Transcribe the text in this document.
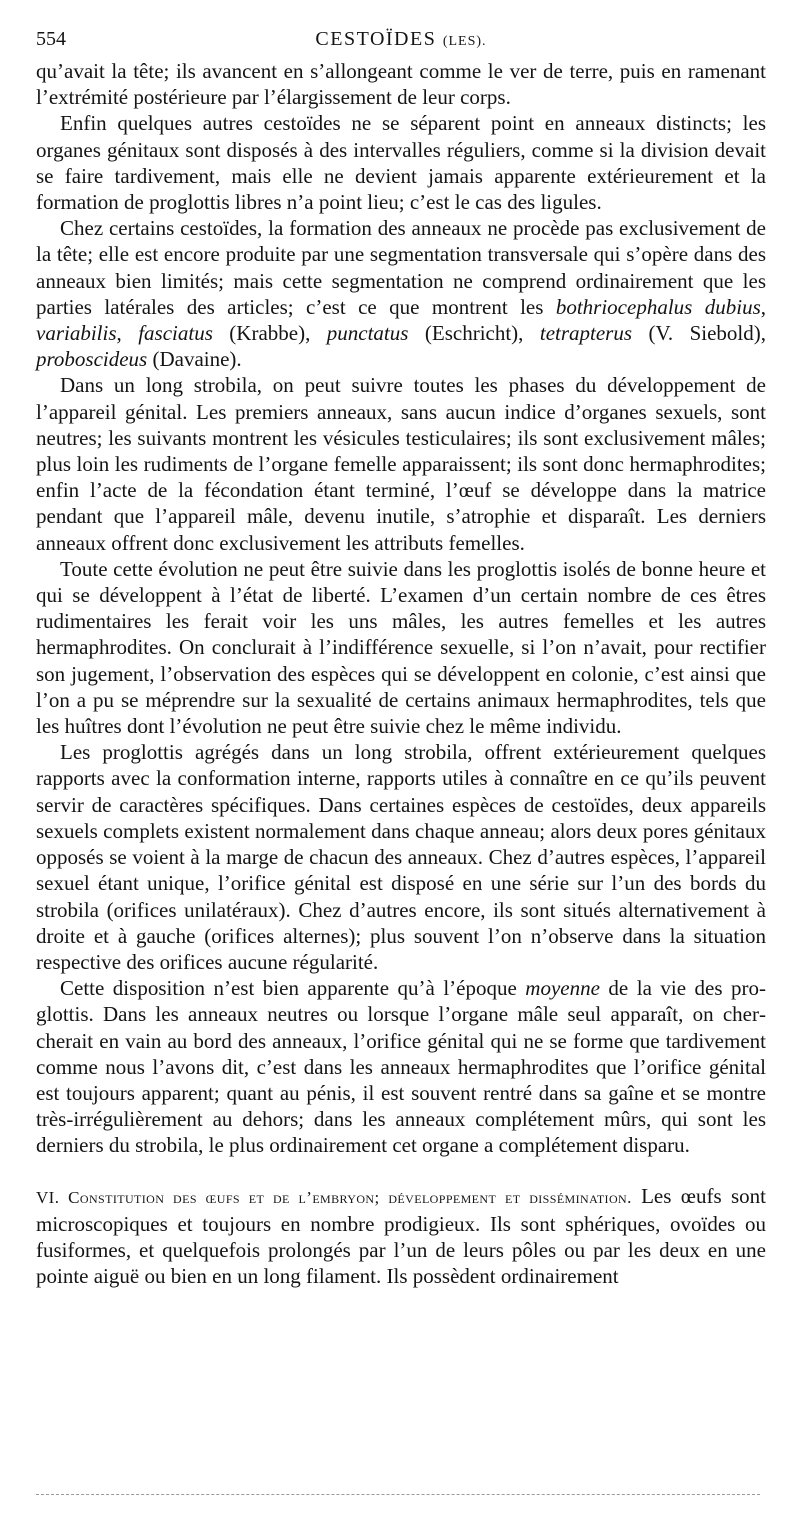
554	CESTOÏDES (LES).

qu’avait la tête; ils avancent en s’allongeant comme le ver de terre, puis en ramenant l’extrémité postérieure par l’élargissement de leur corps.

Enfin quelques autres cestoïdes ne se séparent point en anneaux distincts; les organes génitaux sont disposés à des intervalles réguliers, comme si la division devait se faire tardivement, mais elle ne devient jamais apparente extérieurement et la formation de proglottis libres n’a point lieu; c’est le cas des ligules.

Chez certains cestoïdes, la formation des anneaux ne procède pas exclusivement de la tête; elle est encore produite par une segmentation transversale qui s’opère dans des anneaux bien limités; mais cette segmentation ne comprend ordinairement que les parties latérales des articles; c’est ce que montrent les bothriocephalus dubius, variabilis, fasciatus (Krabbe), punctatus (Eschricht), tetrapterus (V. Siebold), proboscideus (Davaine).

Dans un long strobila, on peut suivre toutes les phases du développement de l’appareil génital. Les premiers anneaux, sans aucun indice d’organes sexuels, sont neutres; les suivants montrent les vésicules testiculaires; ils sont exclusivement mâles; plus loin les rudiments de l’organe femelle apparaissent; ils sont donc hermaphrodites; enfin l’acte de la fécondation étant terminé, l’œuf se développe dans la matrice pendant que l’appareil mâle, devenu inutile, s’atrophie et disparaît. Les derniers anneaux offrent donc exclusivement les attributs femelles.

Toute cette évolution ne peut être suivie dans les proglottis isolés de bonne heure et qui se développent à l’état de liberté. L’examen d’un certain nombre de ces êtres rudimentaires les ferait voir les uns mâles, les autres femelles et les autres hermaphrodites. On conclurait à l’indifférence sexuelle, si l’on n’avait, pour rectifier son jugement, l’observation des espèces qui se développent en colonie, c’est ainsi que l’on a pu se méprendre sur la sexualité de certains animaux hermaphrodites, tels que les huîtres dont l’évolution ne peut être suivie chez le même individu.

Les proglottis agrégés dans un long strobila, offrent extérieurement quelques rapports avec la conformation interne, rapports utiles à connaître en ce qu’ils peuvent servir de caractères spécifiques. Dans certaines espèces de cestoïdes, deux appareils sexuels complets existent normalement dans chaque anneau; alors deux pores génitaux opposés se voient à la marge de chacun des anneaux. Chez d’autres espèces, l’appareil sexuel étant unique, l’orifice génital est disposé en une série sur l’un des bords du strobila (orifices unilatéraux). Chez d’autres encore, ils sont situés alternativement à droite et à gauche (orifices alternes); plus souvent l’on n’observe dans la situation respective des orifices aucune régularité.

Cette disposition n’est bien apparente qu’à l’époque moyenne de la vie des proglottis. Dans les anneaux neutres ou lorsque l’organe mâle seul apparaît, on chercherait en vain au bord des anneaux, l’orifice génital qui ne se forme que tardivement comme nous l’avons dit, c’est dans les anneaux hermaphrodites que l’orifice génital est toujours apparent; quant au pénis, il est souvent rentré dans sa gaîne et se montre très-irrégulièrement au dehors; dans les anneaux complétement mûrs, qui sont les derniers du strobila, le plus ordinairement cet organe a complétement disparu.

VI. Constitution des œufs et de l’embryon; développement et dissémination. Les œufs sont microscopiques et toujours en nombre prodigieux. Ils sont sphériques, ovoïdes ou fusiformes, et quelquefois prolongés par l’un de leurs pôles ou par les deux en une pointe aiguë ou bien en un long filament. Ils possèdent ordinairement
